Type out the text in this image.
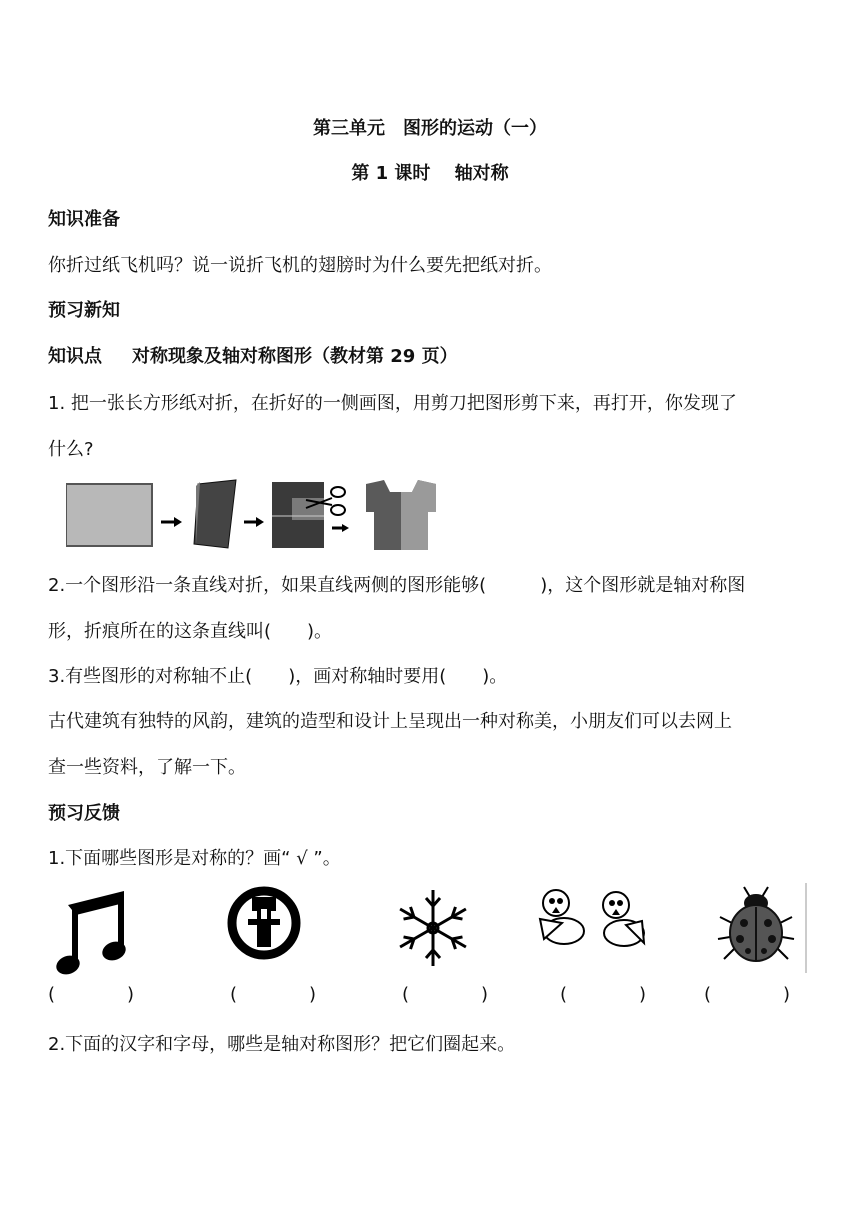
第三单元　图形的运动（一）
第 1 课时　 轴对称
知识准备
你折过纸飞机吗？说一说折飞机的翅膀时为什么要先把纸对折。
预习新知
知识点 对称现象及轴对称图形（教材第 29 页）
1. 把一张长方形纸对折，在折好的一侧画图，用剪刀把图形剪下来，再打开，你发现了
什么?
2.一个图形沿一条直线对折，如果直线两侧的图形能够(　　　)，这个图形就是轴对称图
形，折痕所在的这条直线叫(　　)。
3.有些图形的对称轴不止(　　)，画对称轴时要用(　　)。
古代建筑有独特的风韵，建筑的造型和设计上呈现出一种对称美，小朋友们可以去网上
查一些资料，了解一下。
预习反馈
1.下面哪些图形是对称的？画“ √ ”。
(　　　　)	(　　　　)	(　　　　)	(　　　　)	(　　　　)
2.下面的汉字和字母，哪些是轴对称图形？把它们圈起来。
